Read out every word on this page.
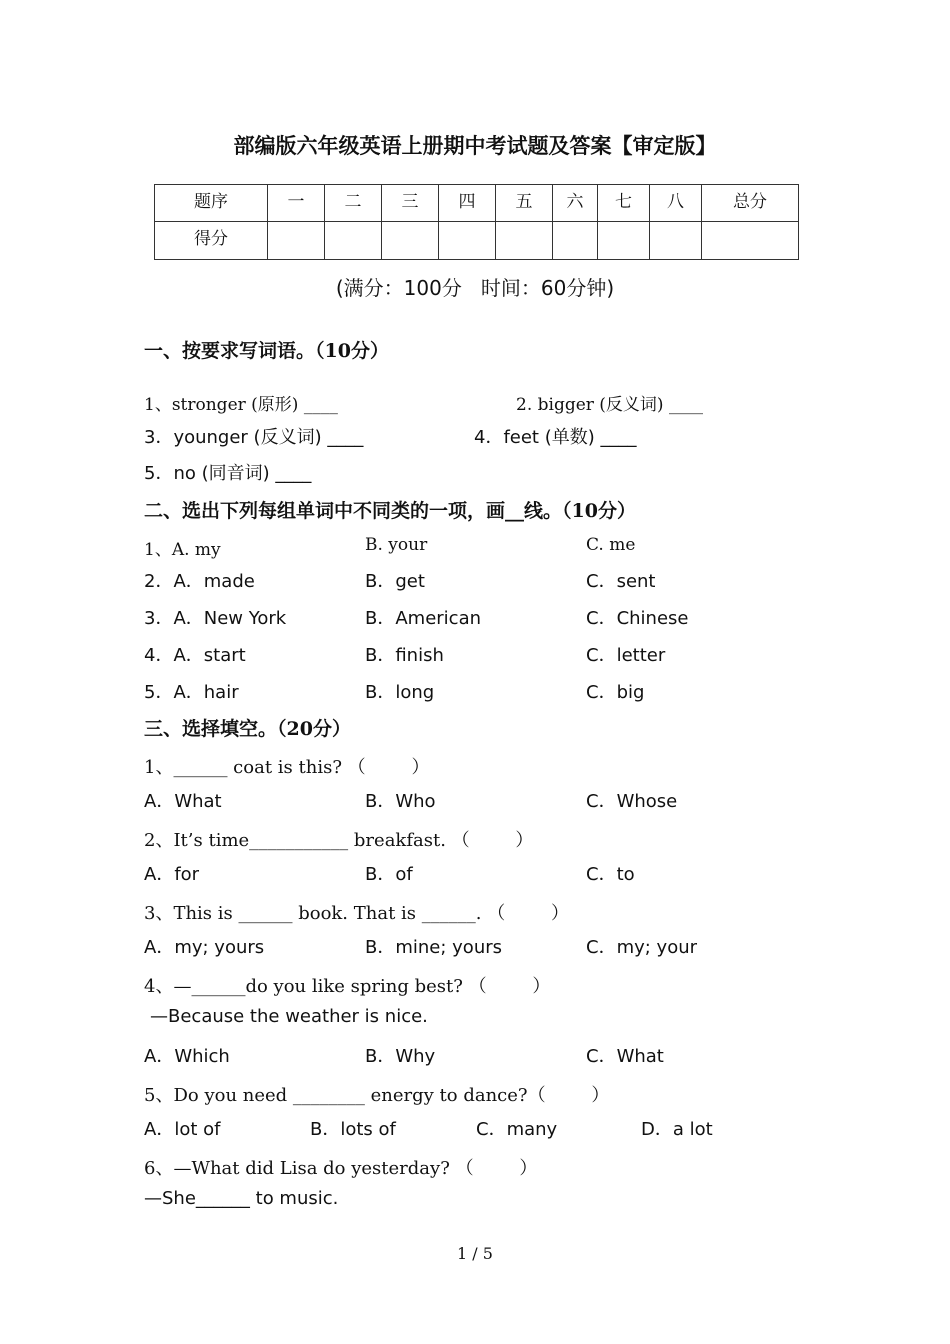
部编版六年级英语上册期中考试题及答案【审定版】
题序	一	二	三	四	五	六	七	八	总分
得分									
(满分：100分   时间：60分钟)
一、按要求写词语。（10分）
1、stronger (原形) ____	2. bigger (反义词) ____
3．younger (反义词) ____	4．feet (单数) ____
5．no (同音词) ____
二、选出下列每组单词中不同类的一项，画__线。（10分）
1、A. my	B. your	C. me
2．A．made	B．get	C．sent
3．A．New York	B．American	C．Chinese
4．A．start	B．finish	C．letter
5．A．hair	B．long	C．big
三、选择填空。（20分）
1、______ coat is this? （        ）
A．What	B．Who	C．Whose
2、It’s time___________ breakfast. （        ）
A．for	B．of	C．to
3、This is ______ book. That is ______. （        ）
A．my; yours	B．mine; yours	C．my; your
4、—______do you like spring best? （        ）
—Because the weather is nice.
A．Which	B．Why	C．What
5、Do you need ________ energy to dance?（        ）
A．lot of	B．lots of	C．many	D．a lot
6、—What did Lisa do yesterday? （        ）
—She______ to music.
1 / 5
